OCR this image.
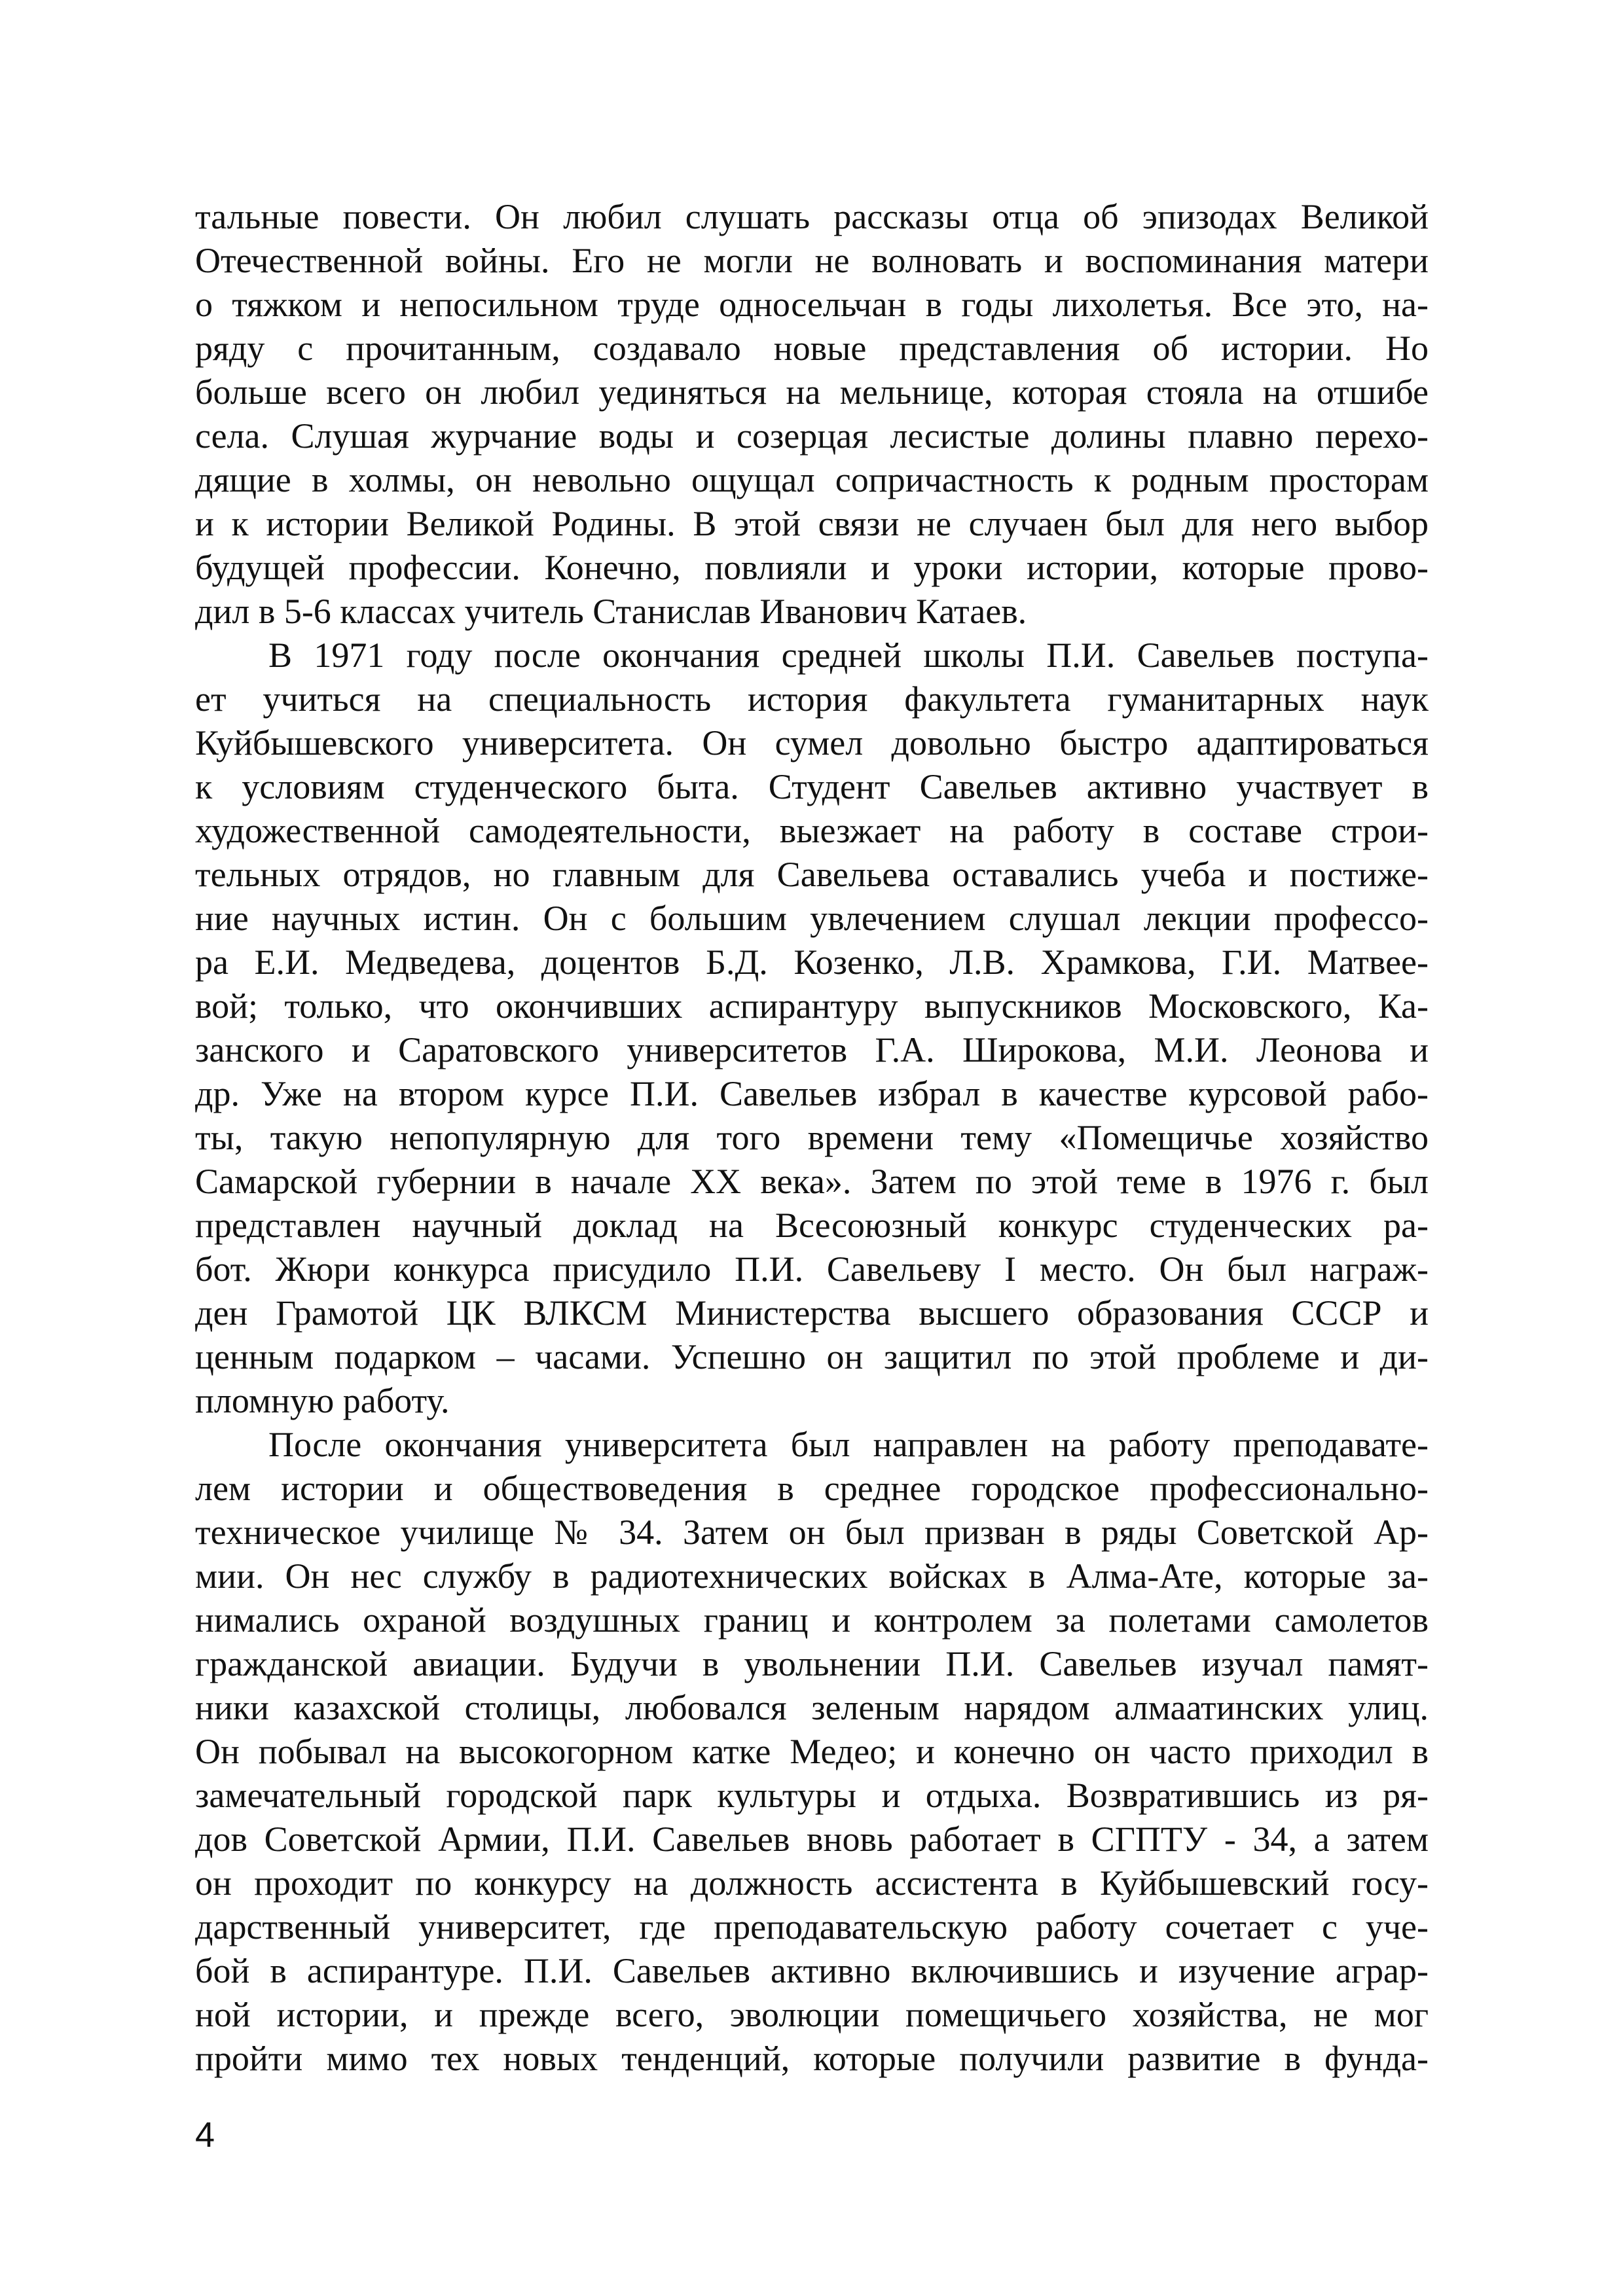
тальные повести. Он любил слушать рассказы отца об эпизодах Великой
Отечественной войны. Его не могли не волновать и воспоминания матери
о тяжком и непосильном труде односельчан в годы лихолетья. Все это, на-
ряду с прочитанным, создавало новые представления об истории. Но
больше всего он любил уединяться на мельнице, которая стояла на отшибе
села. Слушая журчание воды и созерцая лесистые долины плавно перехо-
дящие в холмы, он невольно ощущал сопричастность к родным просторам
и к истории Великой Родины. В этой связи не случаен был для него выбор
будущей профессии. Конечно, повлияли и уроки истории, которые прово-
дил в 5-6 классах учитель Станислав Иванович Катаев.
В 1971 году после окончания средней школы П.И. Савельев поступа-
ет учиться на специальность история факультета гуманитарных наук
Куйбышевского университета. Он сумел довольно быстро адаптироваться
к условиям студенческого быта. Студент Савельев активно участвует в
художественной самодеятельности, выезжает на работу в составе строи-
тельных отрядов, но главным для Савельева оставались учеба и постиже-
ние научных истин. Он с большим увлечением слушал лекции профессо-
ра Е.И. Медведева, доцентов Б.Д. Козенко, Л.В. Храмкова, Г.И. Матвее-
вой; только, что окончивших аспирантуру выпускников Московского, Ка-
занского и Саратовского университетов Г.А. Широкова, М.И. Леонова и
др. Уже на втором курсе П.И. Савельев избрал в качестве курсовой рабо-
ты, такую непопулярную для того времени тему «Помещичье хозяйство
Самарской губернии в начале XX века». Затем по этой теме в 1976 г. был
представлен научный доклад на Всесоюзный конкурс студенческих ра-
бот. Жюри конкурса присудило П.И. Савельеву I место. Он был награж-
ден Грамотой ЦК ВЛКСМ Министерства высшего образования СССР и
ценным подарком – часами. Успешно он защитил по этой проблеме и ди-
пломную работу.
После окончания университета был направлен на работу преподавате-
лем истории и обществоведения в среднее городское профессионально-
техническое училище № 34. Затем он был призван в ряды Советской Ар-
мии. Он нес службу в радиотехнических войсках в Алма-Ате, которые за-
нимались охраной воздушных границ и контролем за полетами самолетов
гражданской авиации. Будучи в увольнении П.И. Савельев изучал памят-
ники казахской столицы, любовался зеленым нарядом алмаатинских улиц.
Он побывал на высокогорном катке Медео; и конечно он часто приходил в
замечательный городской парк культуры и отдыха. Возвратившись из ря-
дов Советской Армии, П.И. Савельев вновь работает в СГПТУ - 34, а затем
он проходит по конкурсу на должность ассистента в Куйбышевский госу-
дарственный университет, где преподавательскую работу сочетает с уче-
бой в аспирантуре. П.И. Савельев активно включившись и изучение аграр-
ной истории, и прежде всего, эволюции помещичьего хозяйства, не мог
пройти мимо тех новых тенденций, которые получили развитие в фунда-
4
